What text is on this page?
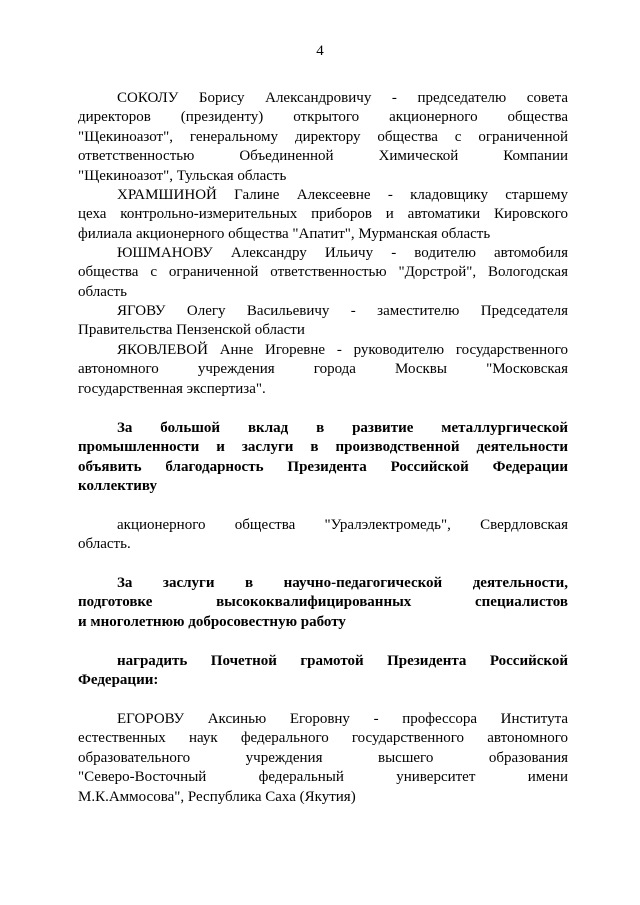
4
СОКОЛУ Борису Александровичу - председателю совета
директоров (президенту) открытого акционерного общества
"Щекиноазот", генеральному директору общества с ограниченной
ответственностью Объединенной Химической Компании
"Щекиноазот", Тульская область
ХРАМШИНОЙ Галине Алексеевне - кладовщику старшему
цеха контрольно-измерительных приборов и автоматики Кировского
филиала акционерного общества "Апатит", Мурманская область
ЮШМАНОВУ Александру Ильичу - водителю автомобиля
общества с ограниченной ответственностью "Дорстрой", Вологодская
область
ЯГОВУ Олегу Васильевичу - заместителю Председателя
Правительства Пензенской области
ЯКОВЛЕВОЙ Анне Игоревне - руководителю государственного
автономного учреждения города Москвы "Московская
государственная экспертиза".
За большой вклад в развитие металлургической
промышленности и заслуги в производственной деятельности
объявить благодарность Президента Российской Федерации
коллективу
акционерного общества "Уралэлектромедь", Свердловская
область.
За заслуги в научно-педагогической деятельности,
подготовке высококвалифицированных специалистов
и многолетнюю добросовестную работу
наградить Почетной грамотой Президента Российской
Федерации:
ЕГОРОВУ Аксинью Егоровну - профессора Института
естественных наук федерального государственного автономного
образовательного учреждения высшего образования
"Северо-Восточный федеральный университет имени
М.К.Аммосова", Республика Саха (Якутия)
